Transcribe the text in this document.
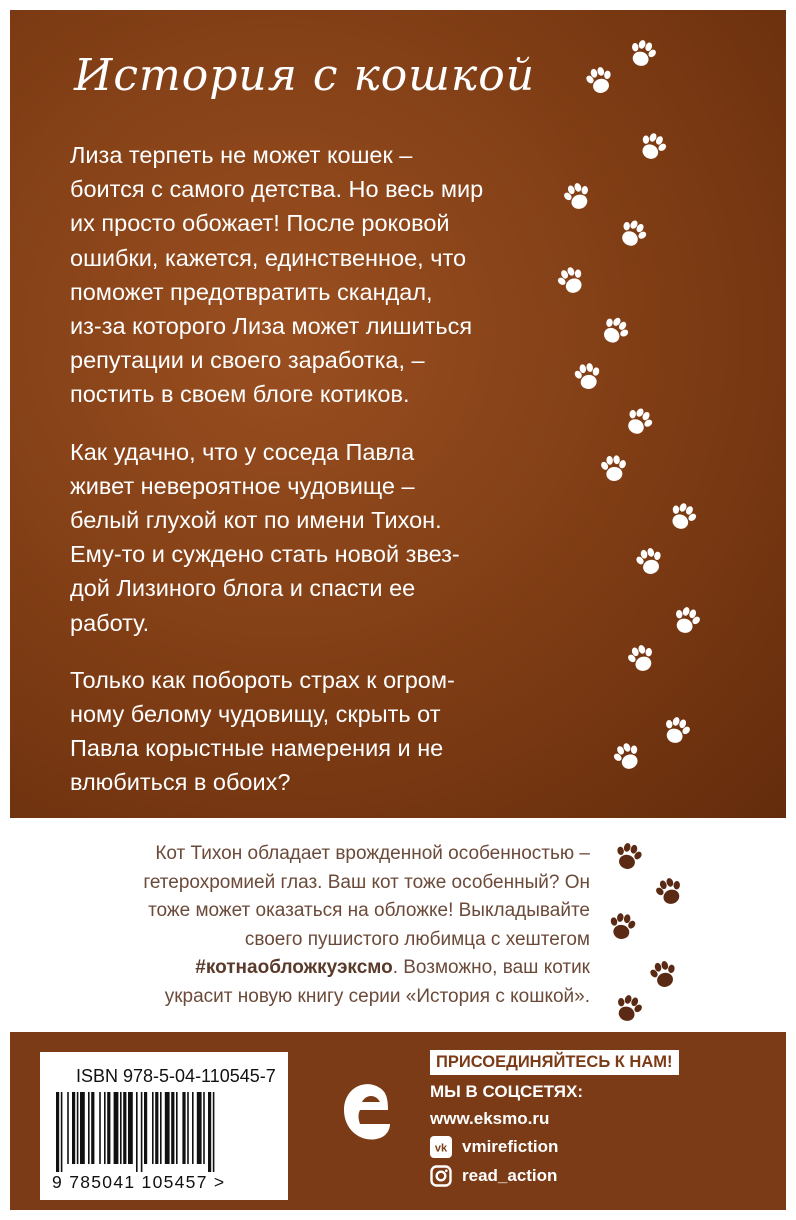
История с кошкой

Лиза терпеть не может кошек –
боится с самого детства. Но весь мир
их просто обожает! После роковой
ошибки, кажется, единственное, что
поможет предотвратить скандал,
из-за которого Лиза может лишиться
репутации и своего заработка, –
постить в своем блоге котиков.

Как удачно, что у соседа Павла
живет невероятное чудовище –
белый глухой кот по имени Тихон.
Ему-то и суждено стать новой звез-
дой Лизиного блога и спасти ее
работу.

Только как побороть страх к огром-
ному белому чудовищу, скрыть от
Павла корыстные намерения и не
влюбиться в обоих?

Кот Тихон обладает врожденной особенностью –
гетерохромией глаз. Ваш кот тоже особенный? Он
тоже может оказаться на обложке! Выкладывайте
своего пушистого любимца с хештегом
#котнаобложкуэксмо. Возможно, ваш котик
украсит новую книгу серии «История с кошкой».
ISBN 978-5-04-110545-7
9 785041 105457 >
ПРИСОЕДИНЯЙТЕСЬ К НАМ!
МЫ В СОЦСЕТЯХ:
www.eksmo.ru
vk vmirefiction
read_action
